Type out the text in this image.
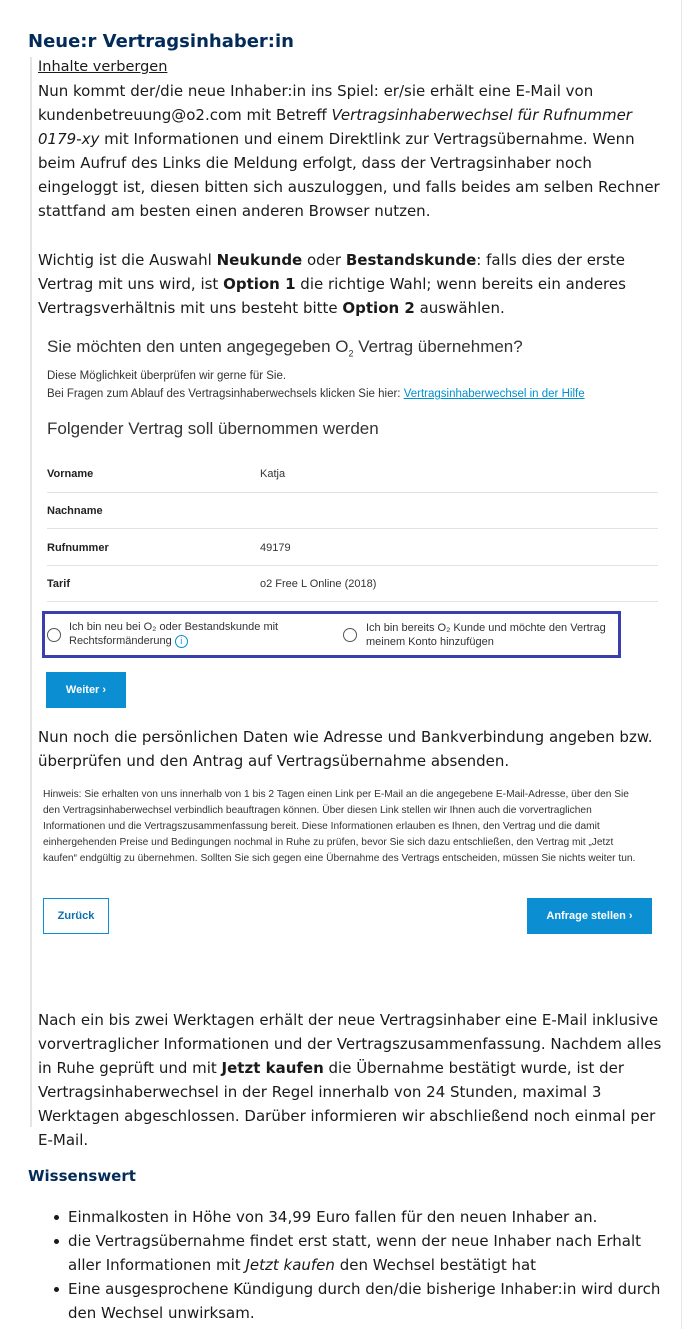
Neue:r Vertragsinhaber:in
Inhalte verbergen
Nun kommt der/die neue Inhaber:in ins Spiel: er/sie erhält eine E-Mail von kundenbetreuung@o2.com mit Betreff Vertragsinhaberwechsel für Rufnummer 0179-xy mit Informationen und einem Direktlink zur Vertragsübernahme. Wenn beim Aufruf des Links die Meldung erfolgt, dass der Vertragsinhaber noch eingeloggt ist, diesen bitten sich auszuloggen, und falls beides am selben Rechner stattfand am besten einen anderen Browser nutzen.
Wichtig ist die Auswahl Neukunde oder Bestandskunde: falls dies der erste Vertrag mit uns wird, ist Option 1 die richtige Wahl; wenn bereits ein anderes Vertragsverhältnis mit uns besteht bitte Option 2 auswählen.
Sie möchten den unten angegegeben $O_2$ Vertrag übernehmen?
Diese Möglichkeit überprüfen wir gerne für Sie.
Bei Fragen zum Ablauf des Vertragsinhaberwechsels klicken Sie hier: Vertragsinhaberwechsel in der Hilfe
Folgender Vertrag soll übernommen werden
Vorname	Katja
Nachname
Rufnummer	49179
Tarif	o2 Free L Online (2018)
Ich bin neu bei O₂ oder Bestandskunde mit
Rechtsformänderung i
Ich bin bereits O₂ Kunde und möchte den Vertrag
meinem Konto hinzufügen
Weiter ›
Nun noch die persönlichen Daten wie Adresse und Bankverbindung angeben bzw. überprüfen und den Antrag auf Vertragsübernahme absenden.
Hinweis: Sie erhalten von uns innerhalb von 1 bis 2 Tagen einen Link per E-Mail an die angegebene E-Mail-Adresse, über den Sie den Vertragsinhaberwechsel verbindlich beauftragen können. Über diesen Link stellen wir Ihnen auch die vorvertraglichen Informationen und die Vertragszusammenfassung bereit. Diese Informationen erlauben es Ihnen, den Vertrag und die damit einhergehenden Preise und Bedingungen nochmal in Ruhe zu prüfen, bevor Sie sich dazu entschließen, den Vertrag mit „Jetzt kaufen“ endgültig zu übernehmen. Sollten Sie sich gegen eine Übernahme des Vertrags entscheiden, müssen Sie nichts weiter tun.
Zurück	Anfrage stellen ›
Nach ein bis zwei Werktagen erhält der neue Vertragsinhaber eine E-Mail inklusive vorvertraglicher Informationen und der Vertragszusammenfassung. Nachdem alles in Ruhe geprüft und mit Jetzt kaufen die Übernahme bestätigt wurde, ist der Vertragsinhaberwechsel in der Regel innerhalb von 24 Stunden, maximal 3 Werktagen abgeschlossen. Darüber informieren wir abschließend noch einmal per E-Mail.
Wissenswert
Einmalkosten in Höhe von 34,99 Euro fallen für den neuen Inhaber an.
die Vertragsübernahme findet erst statt, wenn der neue Inhaber nach Erhalt aller Informationen mit Jetzt kaufen den Wechsel bestätigt hat
Eine ausgesprochene Kündigung durch den/die bisherige Inhaber:in wird durch den Wechsel unwirksam.
